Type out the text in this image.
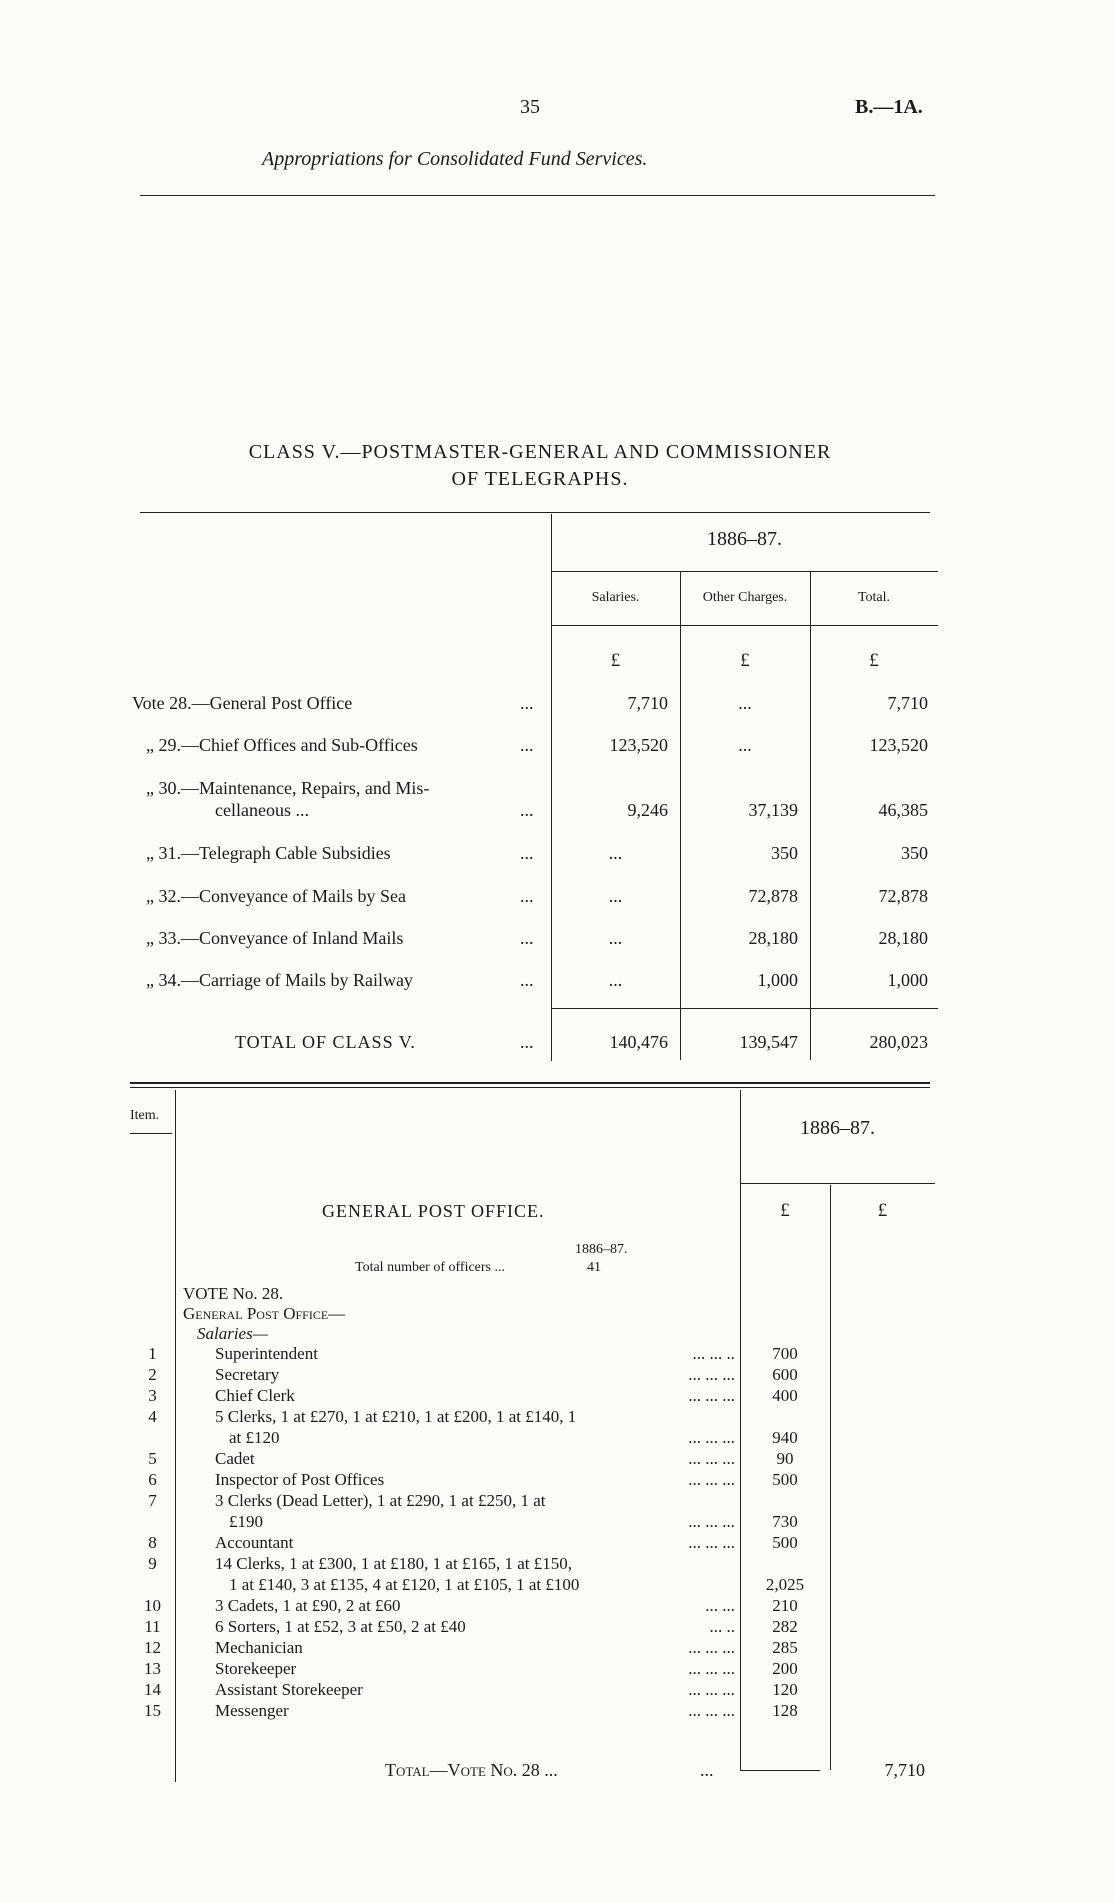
35	B.—1A.
Appropriations for Consolidated Fund Services.
CLASS V.—POSTMASTER-GENERAL AND COMMISSIONER
OF TELEGRAPHS.
1886–87.
Salaries.	Other Charges.	Total.
£	£	£
Vote 28.—General Post Office	...	7,710	...	7,710
„ 29.—Chief Offices and Sub-Offices	...	123,520	...	123,520
„ 30.—Maintenance, Repairs, and Mis-
cellaneous ...	...	9,246	37,139	46,385
„ 31.—Telegraph Cable Subsidies	...	...	350	350
„ 32.—Conveyance of Mails by Sea	...	...	72,878	72,878
„ 33.—Conveyance of Inland Mails	...	...	28,180	28,180
„ 34.—Carriage of Mails by Railway	...	...	1,000	1,000
TOTAL OF CLASS V.	...	140,476	139,547	280,023
Item.
1886–87.
£	£
GENERAL POST OFFICE.
1886–87.
Total number of officers ...	41
VOTE No. 28.
General Post Office—
Salaries—
1	Superintendent	... ... ..	700
2	Secretary	... ... ...	600
3	Chief Clerk	... ... ...	400
4	5 Clerks, 1 at £270, 1 at £210, 1 at £200, 1 at £140, 1
at £120	... ... ...	940
5	Cadet	... ... ...	90
6	Inspector of Post Offices	... ... ...	500
7	3 Clerks (Dead Letter), 1 at £290, 1 at £250, 1 at
£190	... ... ...	730
8	Accountant	... ... ...	500
9	14 Clerks, 1 at £300, 1 at £180, 1 at £165, 1 at £150,
1 at £140, 3 at £135, 4 at £120, 1 at £105, 1 at £100	2,025
10	3 Cadets, 1 at £90, 2 at £60	... ...	210
11	6 Sorters, 1 at £52, 3 at £50, 2 at £40	... ..	282
12	Mechanician	... ... ...	285
13	Storekeeper	... ... ...	200
14	Assistant Storekeeper	... ... ...	120
15	Messenger	... ... ...	128
Total—Vote No. 28 ...	...	7,710
